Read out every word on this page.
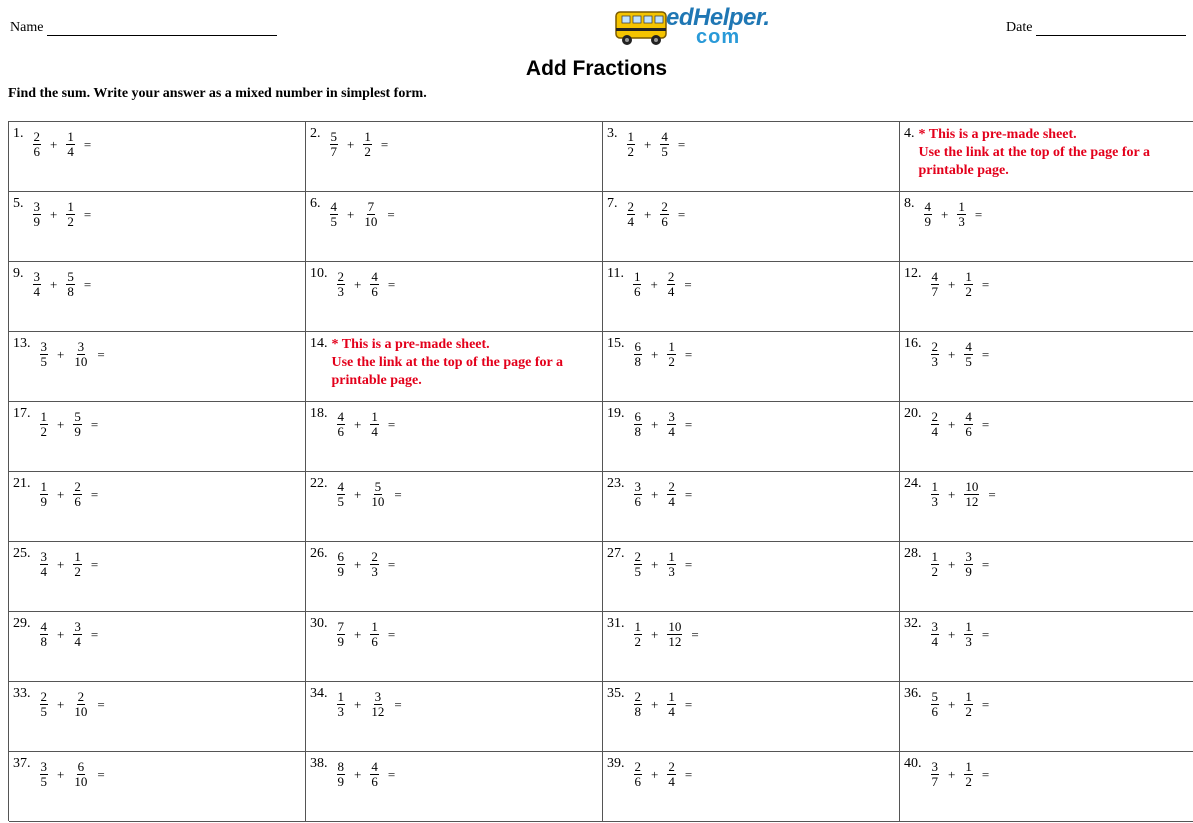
Name	edHelper.
com	Date
Add Fractions
Find the sum. Write your answer as a mixed number in simplest form.
1. $\frac{2}{6} + \frac{1}{4}$ =
2. $\frac{5}{7} + \frac{1}{2}$ =
3. $\frac{1}{2} + \frac{4}{5}$ =
4. * This is a pre-made sheet.
Use the link at the top of the page for a printable page.
5. $\frac{3}{9} + \frac{1}{2}$ =
6. $\frac{4}{5} + \frac{7}{10}$ =
7. $\frac{2}{4} + \frac{2}{6}$ =
8. $\frac{4}{9} + \frac{1}{3}$ =
9. $\frac{3}{4} + \frac{5}{8}$ =
10. $\frac{2}{3} + \frac{4}{6}$ =
11. $\frac{1}{6} + \frac{2}{4}$ =
12. $\frac{4}{7} + \frac{1}{2}$ =
13. $\frac{3}{5} + \frac{3}{10}$ =
14. * This is a pre-made sheet.
Use the link at the top of the page for a printable page.
15. $\frac{6}{8} + \frac{1}{2}$ =
16. $\frac{2}{3} + \frac{4}{5}$ =
17. $\frac{1}{2} + \frac{5}{9}$ =
18. $\frac{4}{6} + \frac{1}{4}$ =
19. $\frac{6}{8} + \frac{3}{4}$ =
20. $\frac{2}{4} + \frac{4}{6}$ =
21. $\frac{1}{9} + \frac{2}{6}$ =
22. $\frac{4}{5} + \frac{5}{10}$ =
23. $\frac{3}{6} + \frac{2}{4}$ =
24. $\frac{1}{3} + \frac{10}{12}$ =
25. $\frac{3}{4} + \frac{1}{2}$ =
26. $\frac{6}{9} + \frac{2}{3}$ =
27. $\frac{2}{5} + \frac{1}{3}$ =
28. $\frac{1}{2} + \frac{3}{9}$ =
29. $\frac{4}{8} + \frac{3}{4}$ =
30. $\frac{7}{9} + \frac{1}{6}$ =
31. $\frac{1}{2} + \frac{10}{12}$ =
32. $\frac{3}{4} + \frac{1}{3}$ =
33. $\frac{2}{5} + \frac{2}{10}$ =
34. $\frac{1}{3} + \frac{3}{12}$ =
35. $\frac{2}{8} + \frac{1}{4}$ =
36. $\frac{5}{6} + \frac{1}{2}$ =
37. $\frac{3}{5} + \frac{6}{10}$ =
38. $\frac{8}{9} + \frac{4}{6}$ =
39. $\frac{2}{6} + \frac{2}{4}$ =
40. $\frac{3}{7} + \frac{1}{2}$ =
